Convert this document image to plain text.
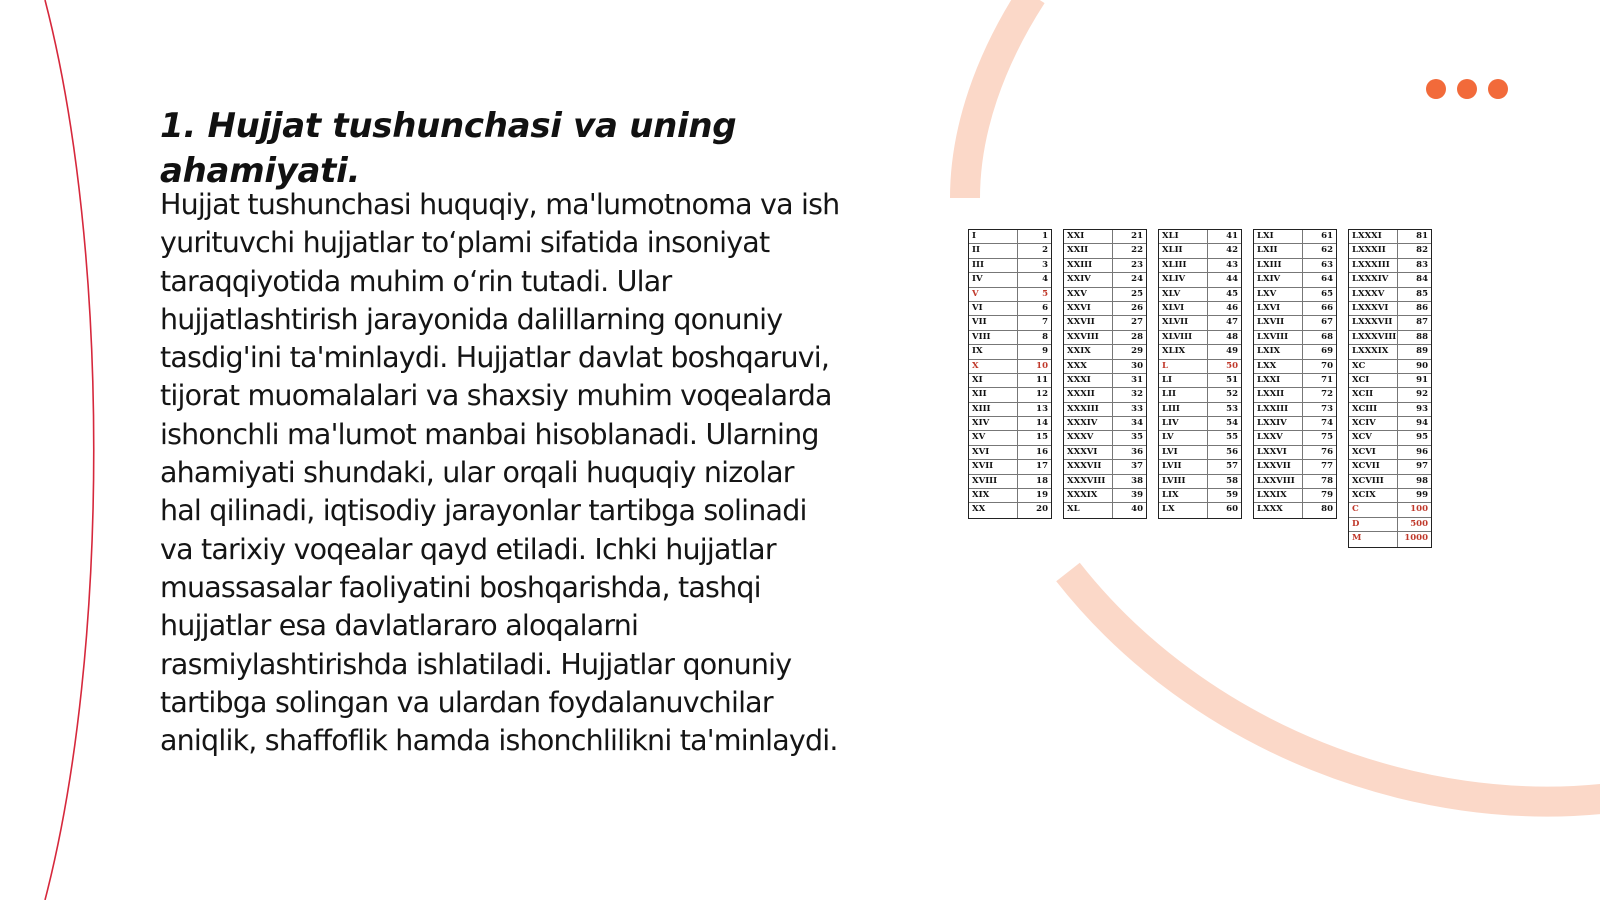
1. Hujjat tushunchasi va uning ahamiyati.

Hujjat tushunchasi huquqiy, ma'lumotnoma va ish yurituvchi hujjatlar to‘plami sifatida insoniyat taraqqiyotida muhim o‘rin tutadi. Ular hujjatlashtirish jarayonida dalillarning qonuniy tasdig'ini ta'minlaydi. Hujjatlar davlat boshqaruvi, tijorat muomalalari va shaxsiy muhim voqealarda ishonchli ma'lumot manbai hisoblanadi. Ularning ahamiyati shundaki, ular orqali huquqiy nizolar hal qilinadi, iqtisodiy jarayonlar tartibga solinadi va tarixiy voqealar qayd etiladi. Ichki hujjatlar muassasalar faoliyatini boshqarishda, tashqi hujjatlar esa davlatlararo aloqalarni rasmiylashtirishda ishlatiladi. Hujjatlar qonuniy tartibga solingan va ulardan foydalanuvchilar aniqlik, shaffoflik hamda ishonchlilikni ta'minlaydi.

I	1
II	2
III	3
IV	4
V	5
VI	6
VII	7
VIII	8
IX	9
X	10
XI	11
XII	12
XIII	13
XIV	14
XV	15
XVI	16
XVII	17
XVIII	18
XIX	19
XX	20
XXI	21
XXII	22
XXIII	23
XXIV	24
XXV	25
XXVI	26
XXVII	27
XXVIII	28
XXIX	29
XXX	30
XXXI	31
XXXII	32
XXXIII	33
XXXIV	34
XXXV	35
XXXVI	36
XXXVII	37
XXXVIII	38
XXXIX	39
XL	40
XLI	41
XLII	42
XLIII	43
XLIV	44
XLV	45
XLVI	46
XLVII	47
XLVIII	48
XLIX	49
L	50
LI	51
LII	52
LIII	53
LIV	54
LV	55
LVI	56
LVII	57
LVIII	58
LIX	59
LX	60
LXI	61
LXII	62
LXIII	63
LXIV	64
LXV	65
LXVI	66
LXVII	67
LXVIII	68
LXIX	69
LXX	70
LXXI	71
LXXII	72
LXXIII	73
LXXIV	74
LXXV	75
LXXVI	76
LXXVII	77
LXXVIII	78
LXXIX	79
LXXX	80
LXXXI	81
LXXXII	82
LXXXIII	83
LXXXIV	84
LXXXV	85
LXXXVI	86
LXXXVII	87
LXXXVIII	88
LXXXIX	89
XC	90
XCI	91
XCII	92
XCIII	93
XCIV	94
XCV	95
XCVI	96
XCVII	97
XCVIII	98
XCIX	99
C	100
D	500
M	1000
